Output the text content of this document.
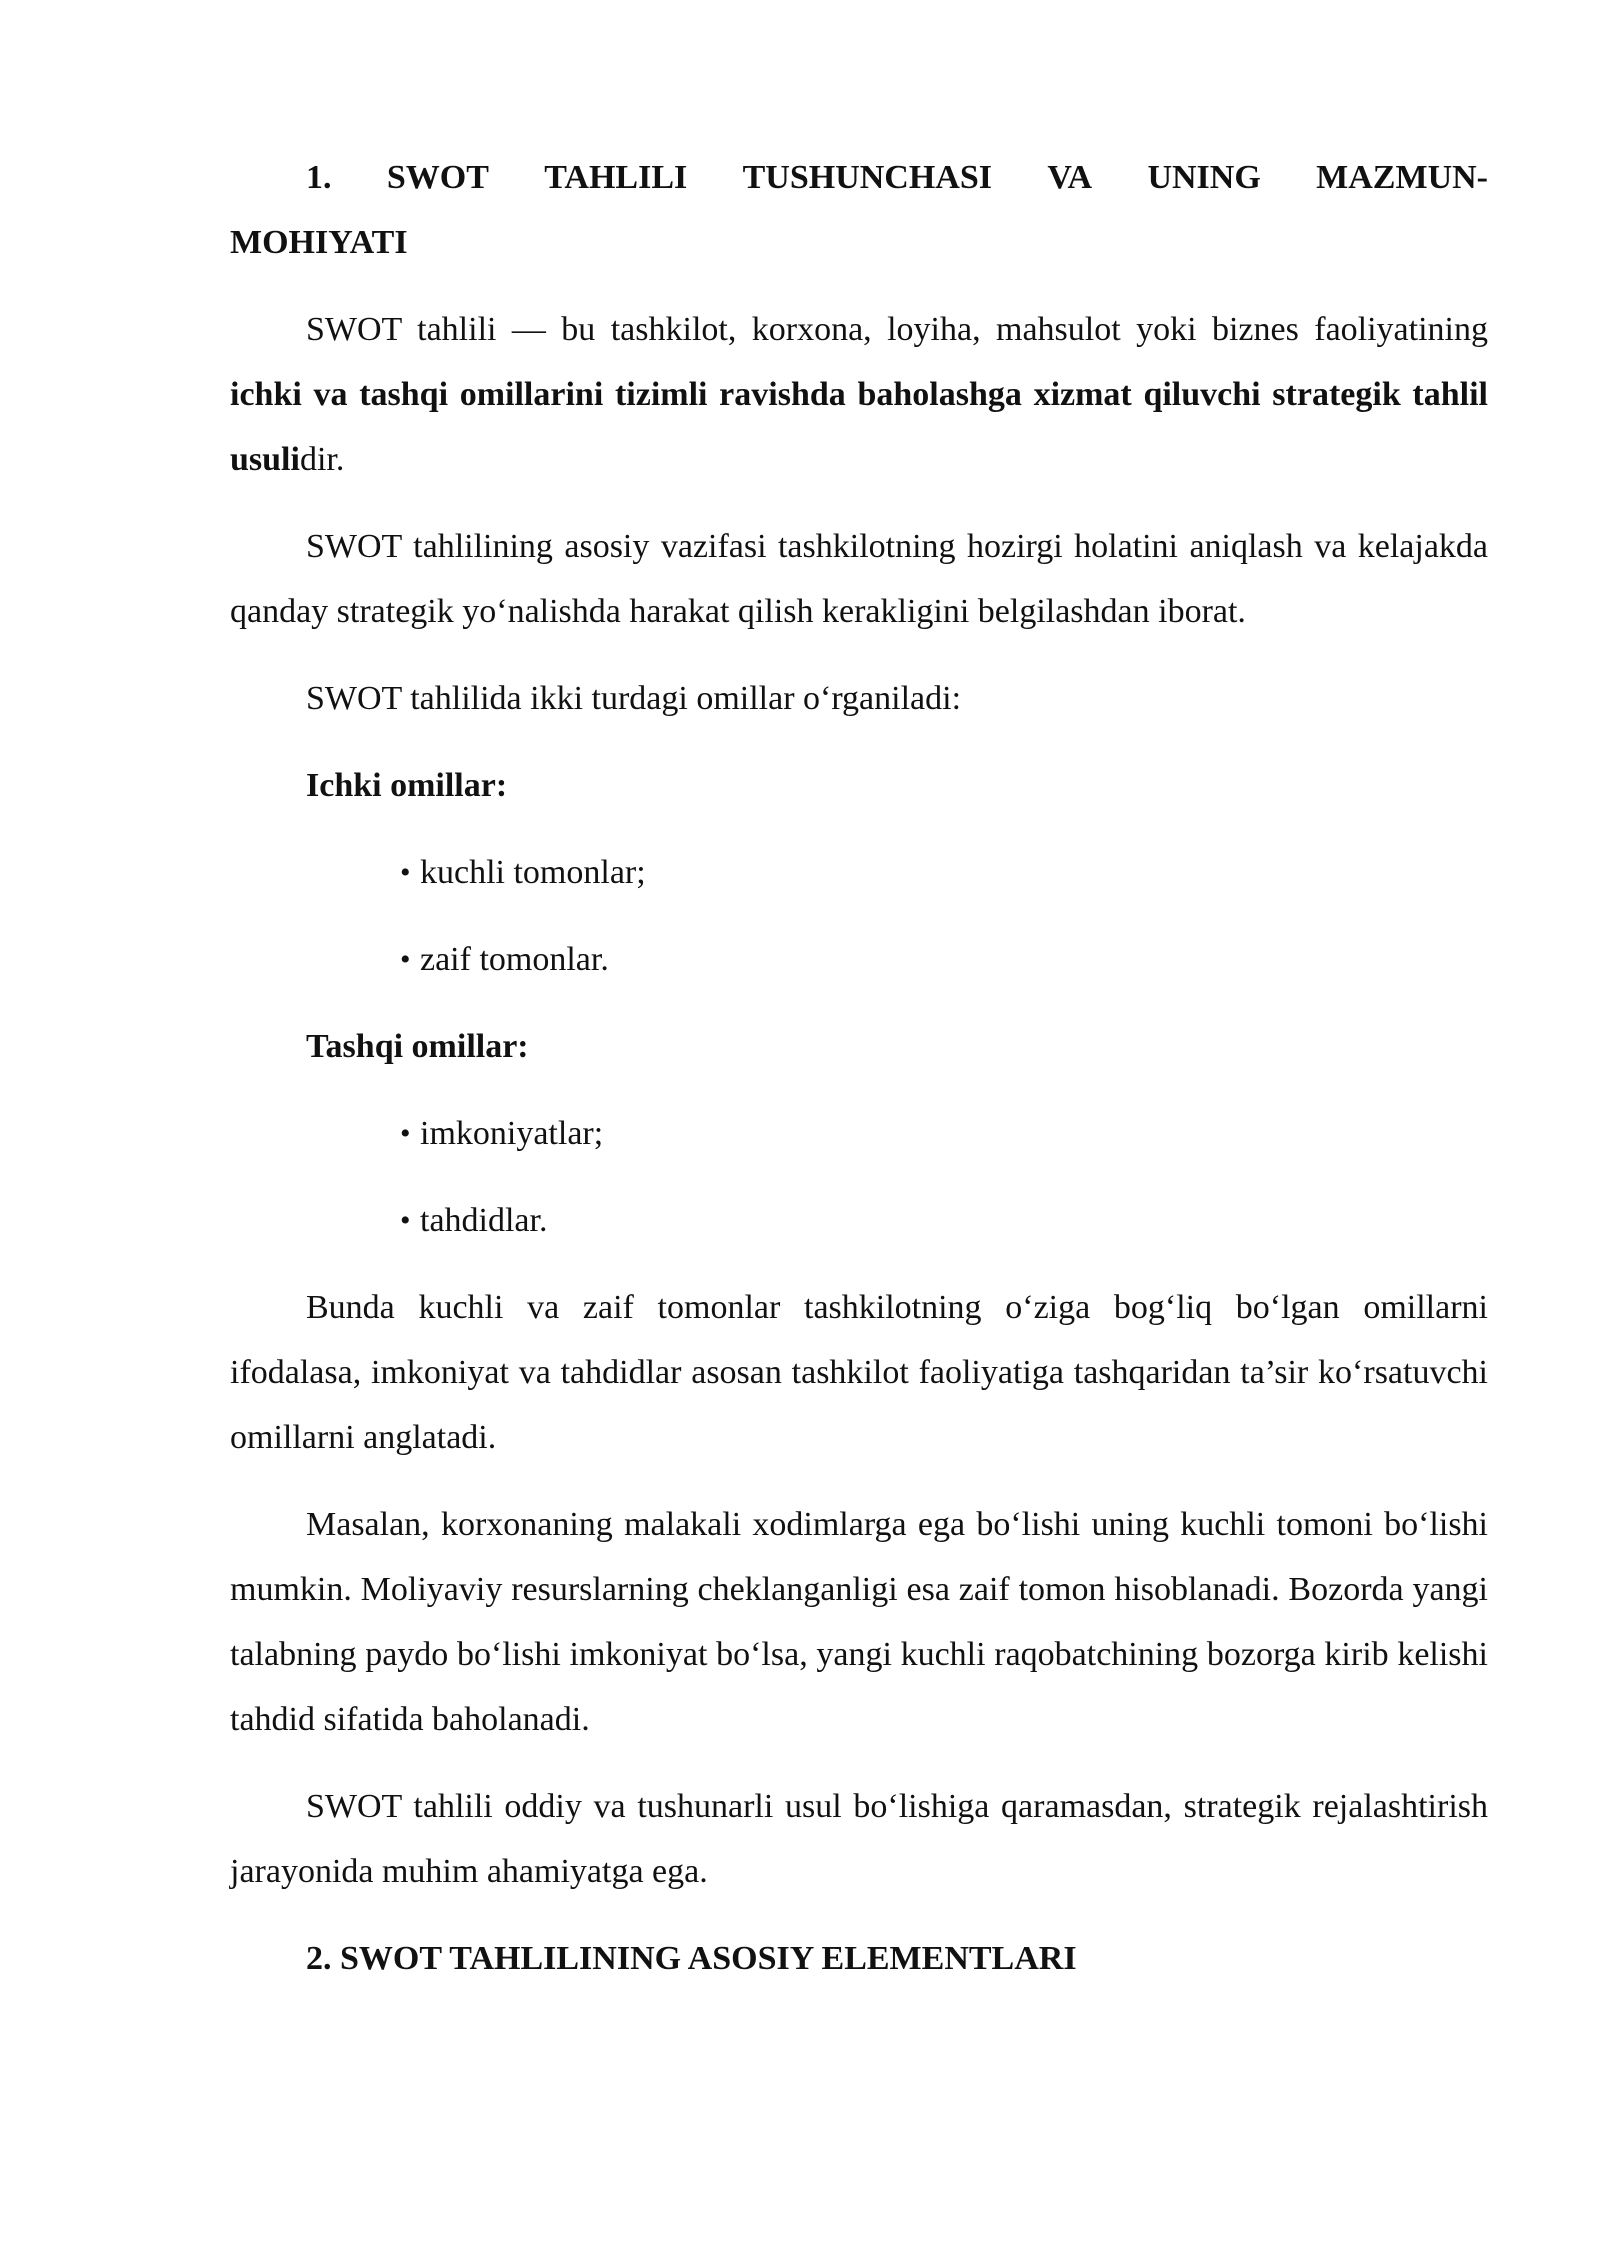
1. SWOT TAHLILI TUSHUNCHASI VA UNING MAZMUN-
MOHIYATI

SWOT tahlili — bu tashkilot, korxona, loyiha, mahsulot yoki biznes faoliyatining ichki va tashqi omillarini tizimli ravishda baholashga xizmat qiluvchi strategik tahlil usulidir.

SWOT tahlilining asosiy vazifasi tashkilotning hozirgi holatini aniqlash va kelajakda qanday strategik yo‘nalishda harakat qilish kerakligini belgilashdan iborat.

SWOT tahlilida ikki turdagi omillar o‘rganiladi:

Ichki omillar:
• kuchli tomonlar;
• zaif tomonlar.
Tashqi omillar:
• imkoniyatlar;
• tahdidlar.

Bunda kuchli va zaif tomonlar tashkilotning o‘ziga bog‘liq bo‘lgan omillarni ifodalasa, imkoniyat va tahdidlar asosan tashkilot faoliyatiga tashqaridan ta’sir ko‘rsatuvchi omillarni anglatadi.

Masalan, korxonaning malakali xodimlarga ega bo‘lishi uning kuchli tomoni bo‘lishi mumkin. Moliyaviy resurslarning cheklanganligi esa zaif tomon hisoblanadi. Bozorda yangi talabning paydo bo‘lishi imkoniyat bo‘lsa, yangi kuchli raqobatchining bozorga kirib kelishi tahdid sifatida baholanadi.

SWOT tahlili oddiy va tushunarli usul bo‘lishiga qaramasdan, strategik rejalashtirish jarayonida muhim ahamiyatga ega.

2. SWOT TAHLILINING ASOSIY ELEMENTLARI
